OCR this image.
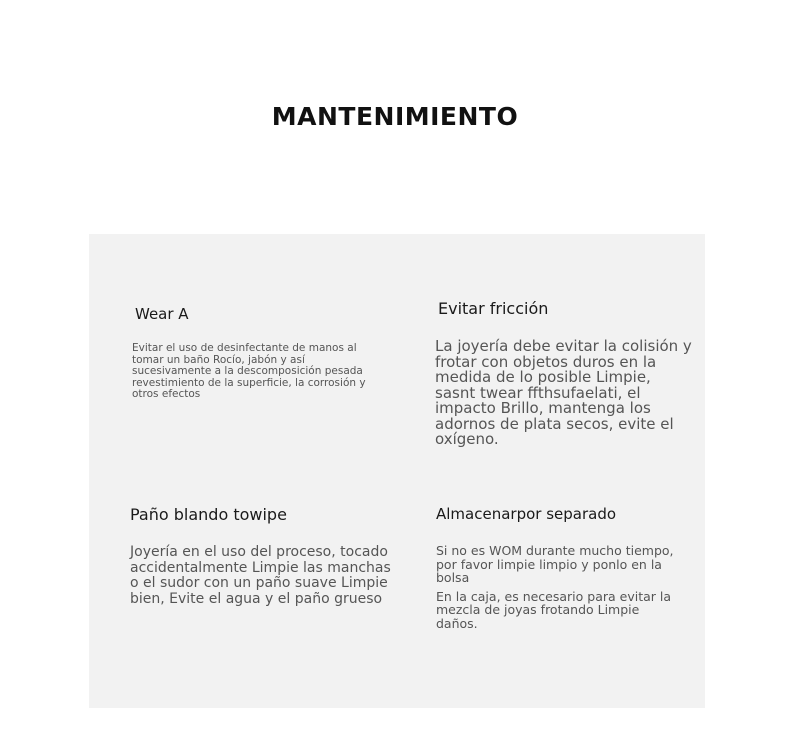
MANTENIMIENTO
Wear A

Evitar el uso de desinfectante de manos al tomar un baño Rocío, jabón y así sucesivamente a la descomposición pesada revestimiento de la superficie, la corrosión y otros efectos

Evitar fricción

La joyería debe evitar la colisión y frotar con objetos duros en la medida de lo posible Limpie, sasnt twear ffthsufaelati, el impacto Brillo, mantenga los adornos de plata secos, evite el oxígeno.

Paño blando towipe

Joyería en el uso del proceso, tocado accidentalmente Limpie las manchas o el sudor con un paño suave Limpie bien, Evite el agua y el paño grueso

Almacenarpor separado

Si no es WOM durante mucho tiempo, por favor limpie limpio y ponlo en la bolsa

En la caja, es necesario para evitar la mezcla de joyas frotando Limpie daños.
